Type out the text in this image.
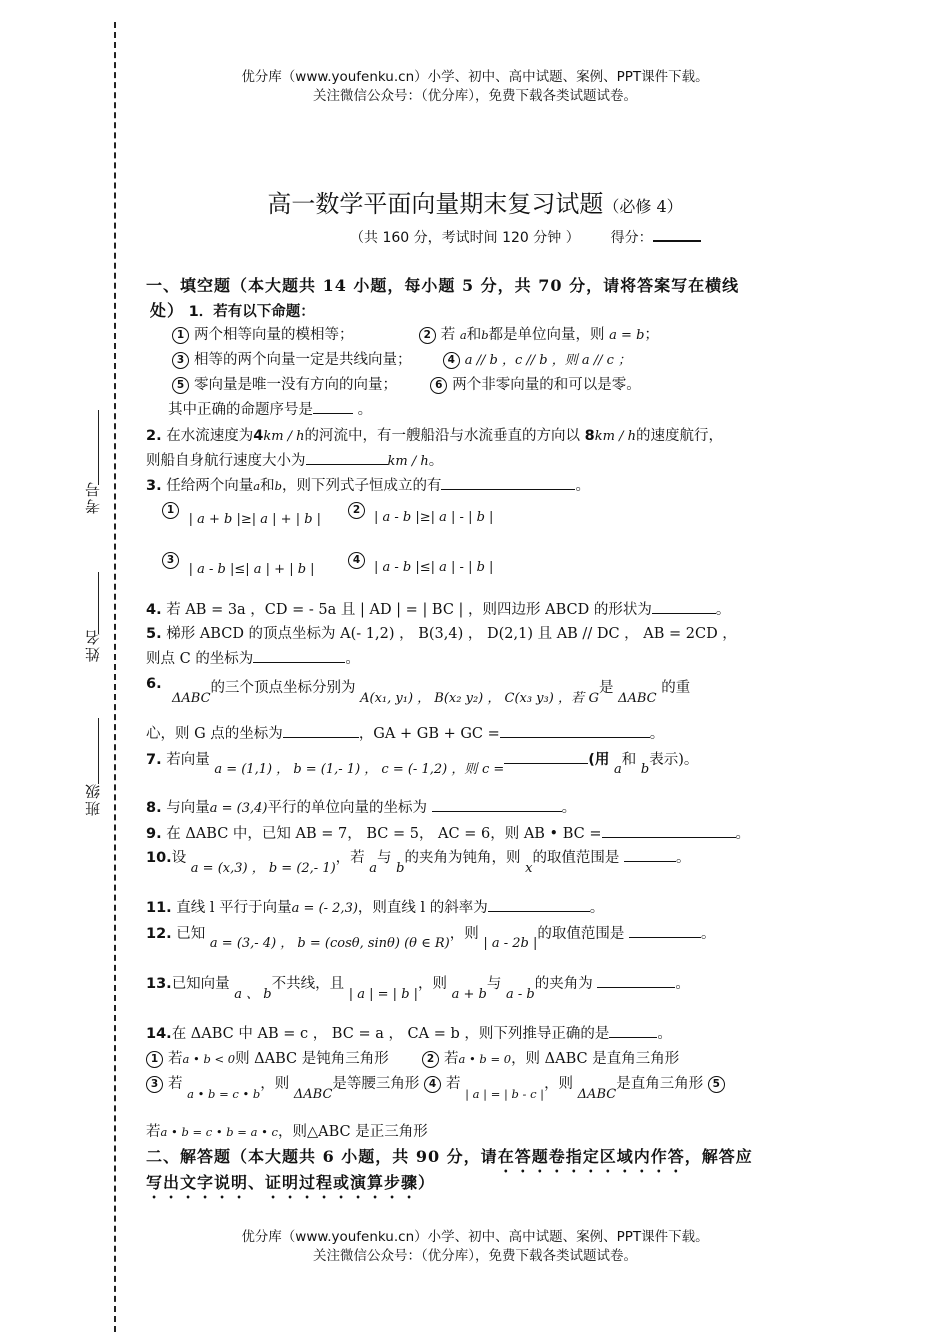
考号
姓名
班级
优分库（www.youfenku.cn）小学、初中、高中试题、案例、PPT课件下载。
关注微信公众号：（优分库），免费下载各类试题试卷。
高一数学平面向量期末复习试题（必修 4）
（共 160 分，考试时间 120 分钟 ） 得分：
一、填空题（本大题共 14 小题，每小题 5 分，共 70 分，请将答案写在横线
处） 1．若有以下命题：
1 两个相等向量的模相等；	2 若 a和b都是单位向量，则 a = b；
3 相等的两个向量一定是共线向量；	4 a // b ，c // b ，则 a // c ；
5 零向量是唯一没有方向的向量；	6 两个非零向量的和可以是零。
其中正确的命题序号是	。
2. 在水流速度为4km / h的河流中，有一艘船沿与水流垂直的方向以 8km / h的速度航行，
则船自身航行速度大小为	km / h。
3. 任给两个向量a和b，则下列式子恒成立的有	。
1 | a + b |≥| a | + | b |
2	| a - b |≥| a | - | b |
3 | a - b |≤| a | + | b |
4	| a - b |≤| a | - | b |
4. 若 AB = 3a ，CD = - 5a 且 | AD | = | BC | ，则四边形 ABCD 的形状为	。
5. 梯形 ABCD 的顶点坐标为 A(- 1,2) ， B(3,4) ， D(2,1) 且 AB // DC ， AB = 2CD ，
则点 C 的坐标为	。
6.
ΔABC的三个顶点坐标分别为 A(x₁, y₁) ， B(x₂ y₂) ， C(x₃ y₃) ，若 G是 ΔABC 的重
心，则 G 点的坐标为	，GA + GB + GC =	。
7. 若向量 a = (1,1) ， b = (1,- 1) ， c = (- 1,2) ，则 c =(用 a和 b表示)。
8. 与向量a = (3,4)平行的单位向量的坐标为	。
9. 在 ΔABC 中，已知 AB = 7， BC = 5， AC = 6，则 AB • BC =	。
10.设 a = (x,3) ， b = (2,- 1)，若 a与 b的夹角为钝角，则 x的取值范围是	。
11. 直线 l 平行于向量a = (- 2,3)，则直线 l 的斜率为	。
12. 已知 a = (3,- 4) ， b = (cosθ, sinθ) (θ ∈ R)，则 | a - 2b |的取值范围是	。
13.已知向量 a 、 b不共线，且 | a | = | b |，则 a + b与 a - b的夹角为	。
14.在 ΔABC 中 AB = c ， BC = a ， CA = b ，则下列推导正确的是	。
1 若a • b < 0则 ΔABC 是钝角三角形	2 若a • b = 0，则 ΔABC 是直角三角形
3 若 $_{a • b = c • b}$，则 ΔABC是等腰三角形 4 若 $_{| a | = | b - c |}$，则 ΔABC是直角三角形 5
若a • b = c • b = a • c，则△ABC 是正三角形
二、解答题（本大题共 6 小题，共 90 分，请在答题卷指定区域内作答，解答应
写出文字说明、证明过程或演算步骤）
优分库（www.youfenku.cn）小学、初中、高中试题、案例、PPT课件下载。
关注微信公众号：（优分库），免费下载各类试题试卷。
